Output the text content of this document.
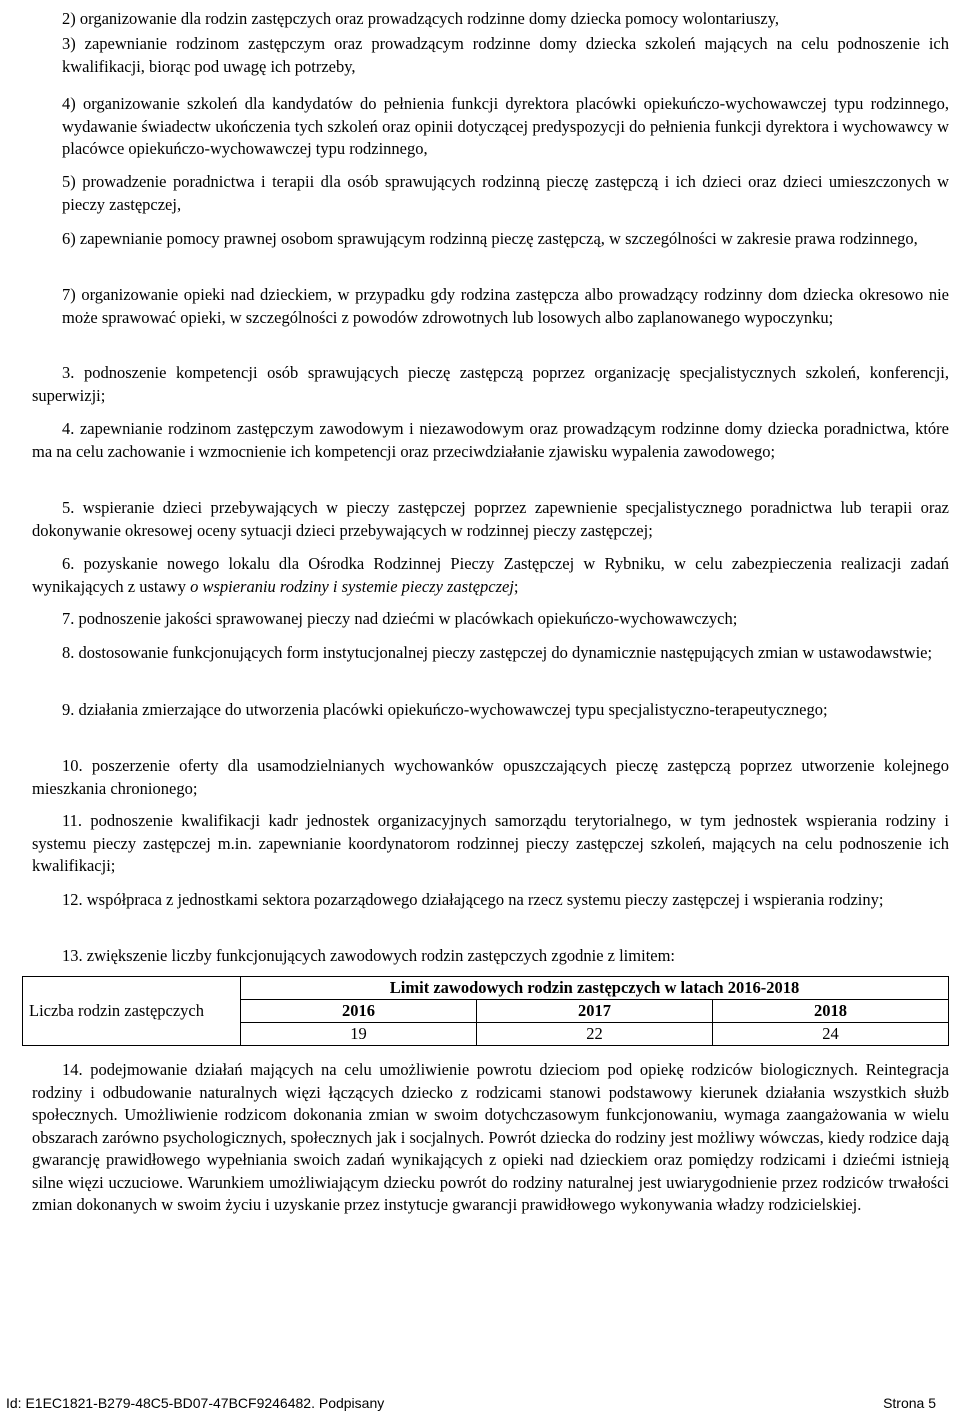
2) organizowanie dla rodzin zastępczych oraz prowadzących rodzinne domy dziecka pomocy wolontariuszy,

3) zapewnianie rodzinom zastępczym oraz prowadzącym rodzinne domy dziecka szkoleń mających na celu podnoszenie ich kwalifikacji, biorąc pod uwagę ich potrzeby,

4) organizowanie szkoleń dla kandydatów do pełnienia funkcji dyrektora placówki opiekuńczo-wychowawczej typu rodzinnego, wydawanie świadectw ukończenia tych szkoleń oraz opinii dotyczącej predyspozycji do pełnienia funkcji dyrektora i wychowawcy w placówce opiekuńczo-wychowawczej typu rodzinnego,

5) prowadzenie poradnictwa i terapii dla osób sprawujących rodzinną pieczę zastępczą i ich dzieci oraz dzieci umieszczonych w pieczy zastępczej,

6) zapewnianie pomocy prawnej osobom sprawującym rodzinną pieczę zastępczą, w szczególności w zakresie prawa rodzinnego,

7) organizowanie opieki nad dzieckiem, w przypadku gdy rodzina zastępcza albo prowadzący rodzinny dom dziecka okresowo nie może sprawować opieki, w szczególności z powodów zdrowotnych lub losowych albo zaplanowanego wypoczynku;

3. podnoszenie kompetencji osób sprawujących pieczę zastępczą poprzez organizację specjalistycznych szkoleń, konferencji, superwizji;

4. zapewnianie rodzinom zastępczym zawodowym i niezawodowym oraz prowadzącym rodzinne domy dziecka poradnictwa, które ma na celu zachowanie i wzmocnienie ich kompetencji oraz przeciwdziałanie zjawisku wypalenia zawodowego;

5. wspieranie dzieci przebywających w pieczy zastępczej poprzez zapewnienie specjalistycznego poradnictwa lub terapii oraz dokonywanie okresowej oceny sytuacji dzieci przebywających w rodzinnej pieczy zastępczej;

6. pozyskanie nowego lokalu dla Ośrodka Rodzinnej Pieczy Zastępczej w Rybniku, w celu zabezpieczenia realizacji zadań wynikających z ustawy o wspieraniu rodziny i systemie pieczy zastępczej;

7. podnoszenie jakości sprawowanej pieczy nad dziećmi w placówkach opiekuńczo-wychowawczych;

8. dostosowanie funkcjonujących form instytucjonalnej pieczy zastępczej do dynamicznie następujących zmian w ustawodawstwie;

9. działania zmierzające do utworzenia placówki opiekuńczo-wychowawczej typu specjalistyczno-terapeutycznego;

10. poszerzenie oferty dla usamodzielnianych wychowanków opuszczających pieczę zastępczą poprzez utworzenie kolejnego mieszkania chronionego;

11. podnoszenie kwalifikacji kadr jednostek organizacyjnych samorządu terytorialnego, w tym jednostek wspierania rodziny i systemu pieczy zastępczej m.in. zapewnianie koordynatorom rodzinnej pieczy zastępczej szkoleń, mających na celu podnoszenie ich kwalifikacji;

12. współpraca z jednostkami sektora pozarządowego działającego na rzecz systemu pieczy zastępczej i wspierania rodziny;

13. zwiększenie liczby funkcjonujących zawodowych rodzin zastępczych zgodnie z limitem:

Liczba rodzin zastępczych	Limit zawodowych rodzin zastępczych w latach 2016-2018		
	2016	2017	2018
	19	22	24

14. podejmowanie działań mających na celu umożliwienie powrotu dzieciom pod opiekę rodziców biologicznych. Reintegracja rodziny i odbudowanie naturalnych więzi łączących dziecko z rodzicami stanowi podstawowy kierunek działania wszystkich służb społecznych. Umożliwienie rodzicom dokonania zmian w swoim dotychczasowym funkcjonowaniu, wymaga zaangażowania w wielu obszarach zarówno psychologicznych, społecznych jak i socjalnych. Powrót dziecka do rodziny jest możliwy wówczas, kiedy rodzice dają gwarancję prawidłowego wypełniania swoich zadań wynikających z opieki nad dzieckiem oraz pomiędzy rodzicami i dziećmi istnieją silne więzi uczuciowe. Warunkiem umożliwiającym dziecku powrót do rodziny naturalnej jest uwiarygodnienie przez rodziców trwałości zmian dokonanych w swoim życiu i uzyskanie przez instytucje gwarancji prawidłowego wykonywania władzy rodzicielskiej.

Id: E1EC1821-B279-48C5-BD07-47BCF9246482. Podpisany	Strona 5
